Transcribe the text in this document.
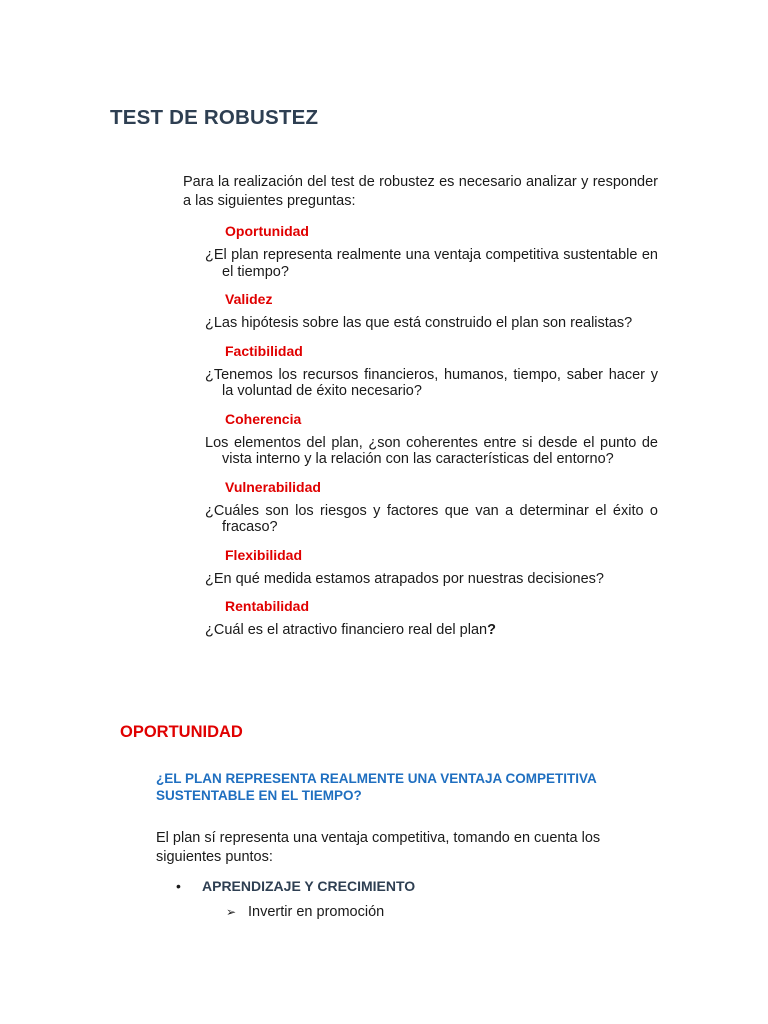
TEST DE ROBUSTEZ

Para la realización del test de robustez es necesario analizar y responder a las siguientes preguntas:

Oportunidad

¿El plan representa realmente una ventaja competitiva sustentable en el tiempo?

Validez

¿Las hipótesis sobre las que está construido el plan son realistas?

Factibilidad

¿Tenemos los recursos financieros, humanos, tiempo, saber hacer y la voluntad de éxito necesario?

Coherencia

Los elementos del plan, ¿son coherentes entre si desde el punto de vista interno y la relación con las características del entorno?

Vulnerabilidad

¿Cuáles son los riesgos y factores que van a determinar el éxito o fracaso?

Flexibilidad

¿En qué medida estamos atrapados por nuestras decisiones?

Rentabilidad

¿Cuál es el atractivo financiero real del plan?

OPORTUNIDAD

¿EL PLAN REPRESENTA REALMENTE UNA VENTAJA COMPETITIVA SUSTENTABLE EN EL TIEMPO?

El plan sí representa una ventaja competitiva, tomando en cuenta los siguientes puntos:

• APRENDIZAJE Y CRECIMIENTO

➢ Invertir en promoción
